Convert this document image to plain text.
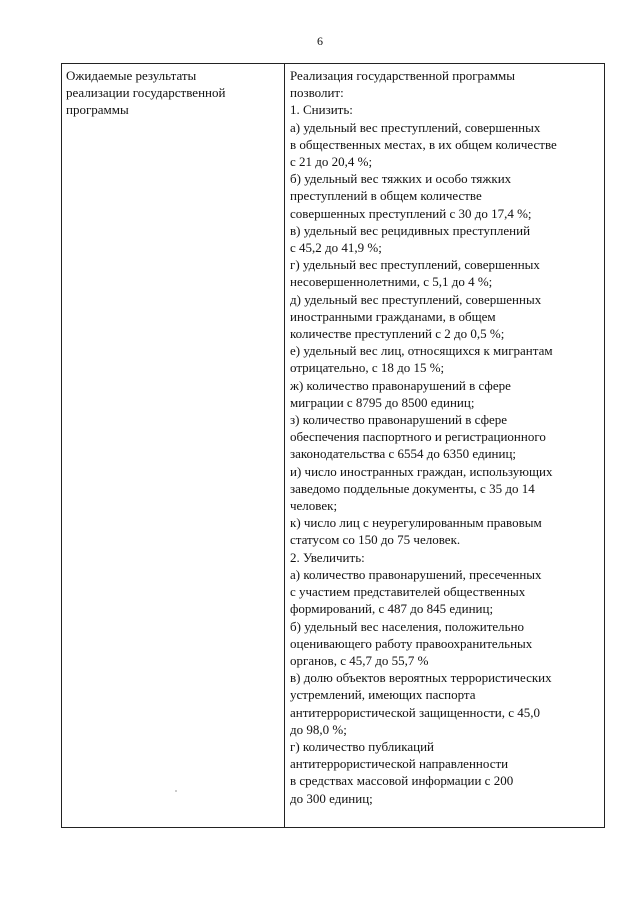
6
Ожидаемые результаты
реализации государственной
программы
Реализация государственной программы
позволит:
1. Снизить:
а) удельный вес преступлений, совершенных
в общественных местах, в их общем количестве
с 21 до 20,4 %;
б) удельный вес тяжких и особо тяжких
преступлений в общем количестве
совершенных преступлений с 30 до 17,4 %;
в) удельный вес рецидивных преступлений
с 45,2 до 41,9 %;
г) удельный вес преступлений, совершенных
несовершеннолетними, с 5,1 до 4 %;
д) удельный вес преступлений, совершенных
иностранными гражданами, в общем
количестве преступлений с 2 до 0,5 %;
е) удельный вес лиц, относящихся к мигрантам
отрицательно, с 18 до 15 %;
ж) количество правонарушений в сфере
миграции с 8795 до 8500 единиц;
з) количество правонарушений в сфере
обеспечения паспортного и регистрационного
законодательства с 6554 до 6350 единиц;
и) число иностранных граждан, использующих
заведомо поддельные документы, с 35 до 14
человек;
к) число лиц с неурегулированным правовым
статусом со 150 до 75 человек.
2. Увеличить:
а) количество правонарушений, пресеченных
с участием представителей общественных
формирований, с 487 до 845 единиц;
б) удельный вес населения, положительно
оценивающего работу правоохранительных
органов, с 45,7 до 55,7 %
в) долю объектов вероятных террористических
устремлений, имеющих паспорта
антитеррористической защищенности, с 45,0
до 98,0 %;
г) количество публикаций
антитеррористической направленности
в средствах массовой информации с 200
до 300 единиц;
